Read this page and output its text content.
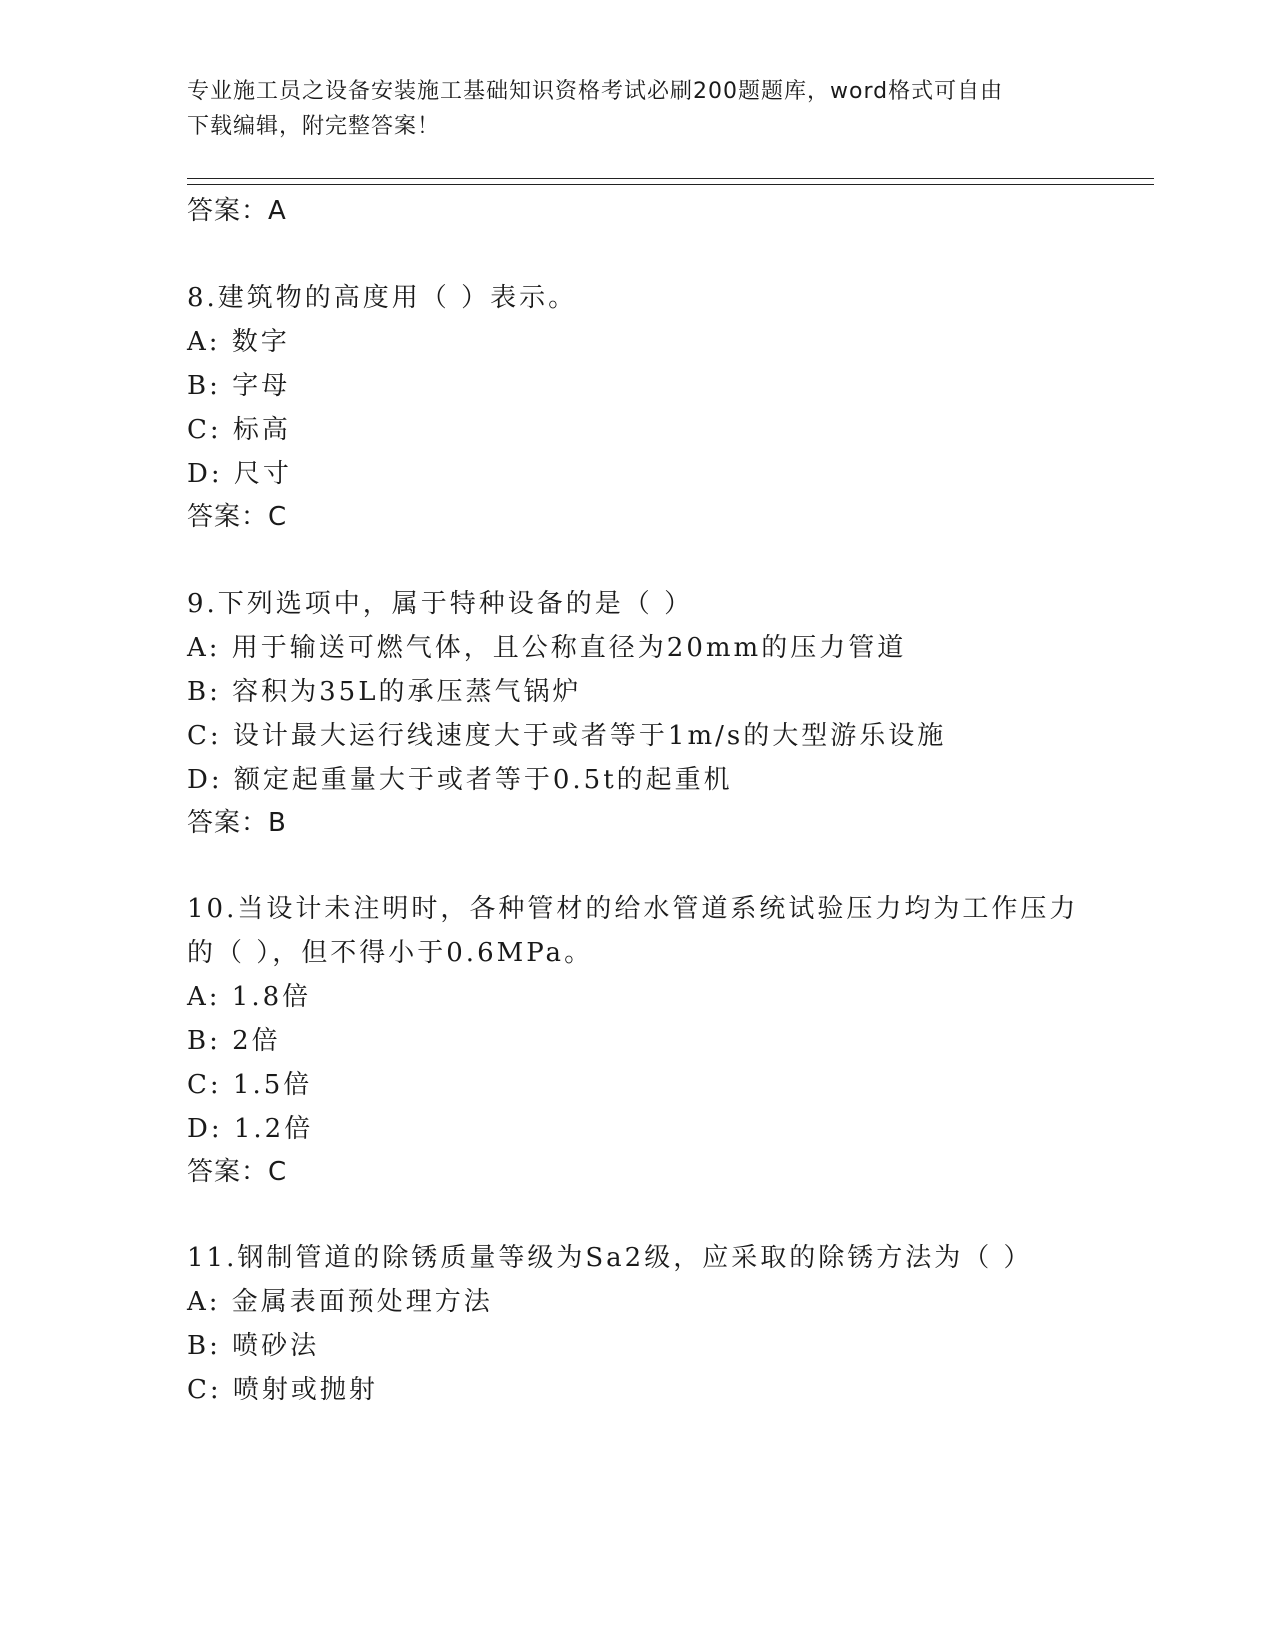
专业施工员之设备安装施工基础知识资格考试必刷200题题库，word格式可自由
下载编辑，附完整答案！
答案：A
8.建筑物的高度用（ ）表示。
A: 数字
B: 字母
C: 标高
D: 尺寸
答案：C
9.下列选项中，属于特种设备的是（ ）
A: 用于输送可燃气体，且公称直径为20mm的压力管道
B: 容积为35L的承压蒸气锅炉
C: 设计最大运行线速度大于或者等于1m/s的大型游乐设施
D: 额定起重量大于或者等于0.5t的起重机
答案：B
10.当设计未注明时，各种管材的给水管道系统试验压力均为工作压力
的（ ），但不得小于0.6MPa。
A: 1.8倍
B: 2倍
C: 1.5倍
D: 1.2倍
答案：C
11.钢制管道的除锈质量等级为Sa2级，应采取的除锈方法为（ ）
A: 金属表面预处理方法
B: 喷砂法
C: 喷射或抛射
